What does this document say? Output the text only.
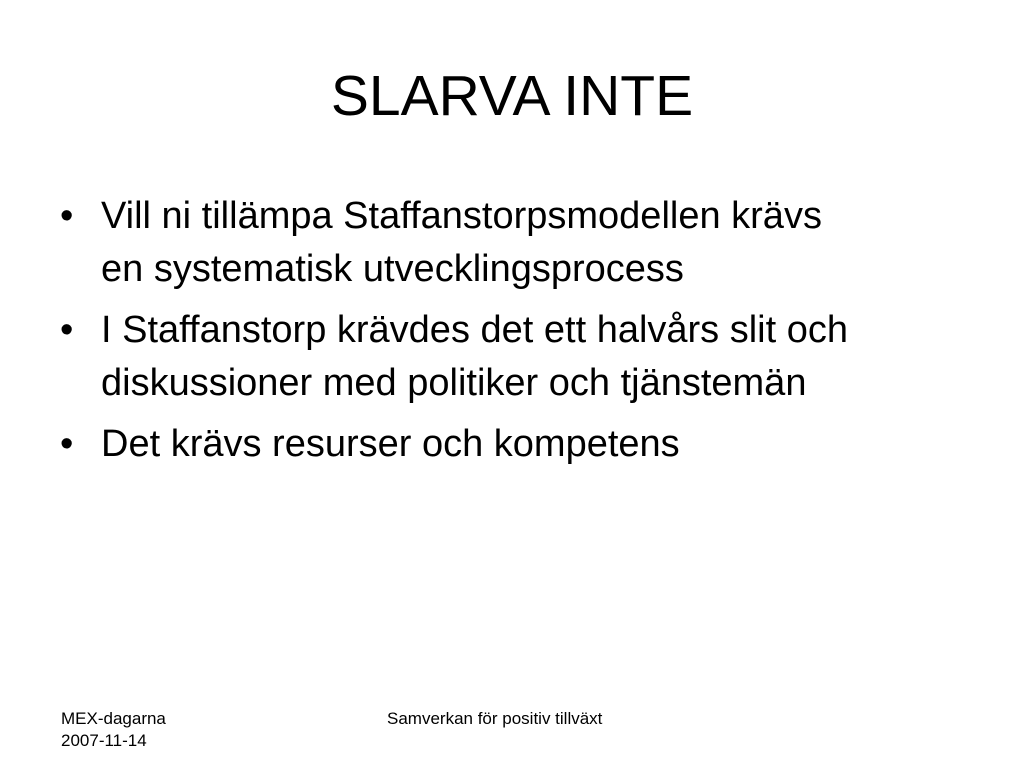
SLARVA INTE
• Vill ni tillämpa Staffanstorpsmodellen krävs en systematisk utvecklingsprocess
• I Staffanstorp krävdes det ett halvårs slit och diskussioner med politiker och tjänstemän
• Det krävs resurser och kompetens
MEX-dagarna
2007-11-14
Samverkan för positiv tillväxt
